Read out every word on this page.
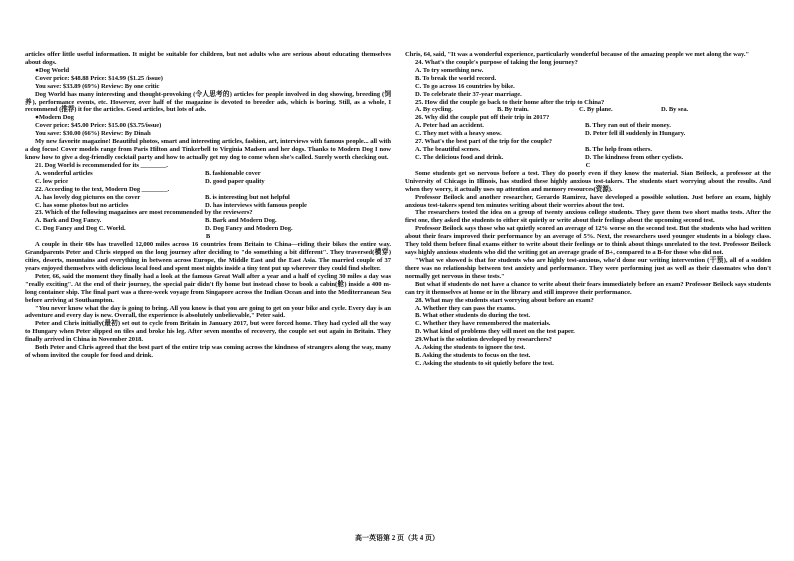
articles offer little useful information. It might be suitable for children, but not adults who are serious about educating themselves about dogs.

●Dog World

Cover price: $48.88 Price: $14.99 ($1.25 /issue)

You save: $33.89 (69%) Review: By one critic

Dog World has many interesting and thought-provoking (令人思考的) articles for people involved in dog showing, breeding (饲养), performance events, etc. However, over half of the magazine is devoted to breeder ads, which is boring. Still, as a whole, I recommend (推荐) it for the articles. Good articles, but lots of ads.

●Modern Dog

Cover price: $45.00 Price: $15.00 ($3.75/issue)

You save: $30.00 (66%) Review: By Dinah

My new favorite magazine! Beautiful photos, smart and interesting articles, fashion, art, interviews with famous people... all with a dog focus! Cover models range from Paris Hilton and Tinkerbell to Virginia Madsen and her dogs. Thanks to Modern Dog I now know how to give a dog-friendly cocktail party and how to actually get my dog to come when she's called. Surely worth checking out.

21. Dog World is recommended for its ________.

A. wonderful articles	B. fashionable cover
C. low price	D. good paper quality

22. According to the text, Modern Dog ________.

A. has lovely dog pictures on the cover	B. is interesting but not helpful
C. has some photos but no articles	D. has interviews with famous people

23. Which of the following magazines are most recommended by the reviewers?

A. Bark and Dog Fancy.	B. Bark and Modern Dog.
C. Dog Fancy and Dog C. World.	D. Dog Fancy and Modern Dog.

B

A couple in their 60s has travelled 12,000 miles across 16 countries from Britain to China—riding their bikes the entire way. Grandparents Peter and Chris stepped on the long journey after deciding to "do something a bit different". They traversed(横穿) cities, deserts, mountains and everything in between across Europe, the Middle East and the East Asia. The married couple of 37 years enjoyed themselves with delicious local food and spent most nights inside a tiny tent put up wherever they could find shelter.

Peter, 66, said the moment they finally had a look at the famous Great Wall after a year and a half of cycling 30 miles a day was "really exciting". At the end of their journey, the special pair didn't fly home but instead chose to book a cabin(舱) inside a 400 m-long container ship. The final part was a three-week voyage from Singapore across the Indian Ocean and into the Mediterranean Sea before arriving at Southampton.

"You never know what the day is going to bring. All you know is that you are going to get on your bike and cycle. Every day is an adventure and every day is new. Overall, the experience is absolutely unbelievable," Peter said.

Peter and Chris initially(最初) set out to cycle from Britain in January 2017, but were forced home. They had cycled all the way to Hungary when Peter slipped on tiles and broke his leg. After seven months of recovery, the couple set out again in Britain. They finally arrived in China in November 2018.

Both Peter and Chris agreed that the best part of the entire trip was coming across the kindness of strangers along the way, many of whom invited the couple for food and drink.

Chris, 64, said, "It was a wonderful experience, particularly wonderful because of the amazing people we met along the way."

24. What's the couple's purpose of taking the long journey?

A. To try something new.

B. To break the world record.

C. To go across 16 countries by bike.

D. To celebrate their 37-year marriage.

25. How did the couple go back to their home after the trip to China?

A. By cycling.	B. By train.	C. By plane.	D. By sea.

26. Why did the couple put off their trip in 2017?

A. Peter had an accident.	B. They ran out of their money.
C. They met with a heavy snow.	D. Peter fell ill suddenly in Hungary.

27. What's the best part of the trip for the couple?

A. The beautiful scenes.	B. The help from others.
C. The delicious food and drink.	D. The kindness from other cyclists.

C

Some students get so nervous before a test. They do poorly even if they know the material. Sian Beilock, a professor at the University of Chicago in Illinois, has studied these highly anxious test-takers. The students start worrying about the results. And when they worry, it actually uses up attention and memory resources(资源).

Professor Beilock and another researcher, Gerardo Ramirez, have developed a possible solution. Just before an exam, highly anxious test-takers spend ten minutes writing about their worries about the test.

The researchers tested the idea on a group of twenty anxious college students. They gave them two short maths tests. After the first one, they asked the students to either sit quietly or write about their feelings about the upcoming second test.

Professor Beilock says those who sat quietly scored an average of 12% worse on the second test. But the students who had written about their fears improved their performance by an average of 5%. Next, the researchers used younger students in a biology class. They told them before final exams either to write about their feelings or to think about things unrelated to the test. Professor Beilock says highly anxious students who did the writing got an average grade of B+, compared to a B-for those who did not.

"What we showed is that for students who are highly test-anxious, who'd done our writing intervention (干预), all of a sudden there was no relationship between test anxiety and performance. They were performing just as well as their classmates who don't normally get nervous in these tests."

But what if students do not have a chance to write about their fears immediately before an exam? Professor Beilock says students can try it themselves at home or in the library and still improve their performance.

28. What may the students start worrying about before an exam?

A. Whether they can pass the exams.

B. What other students do during the test.

C. Whether they have remembered the materials.

D. What kind of problems they will meet on the test paper.

29.What is the solution developed by researchers?

A. Asking the students to ignore the test.

B. Asking the students to focus on the test.

C. Asking the students to sit quietly before the test.

高一英语第 2 页（共 4 页）
